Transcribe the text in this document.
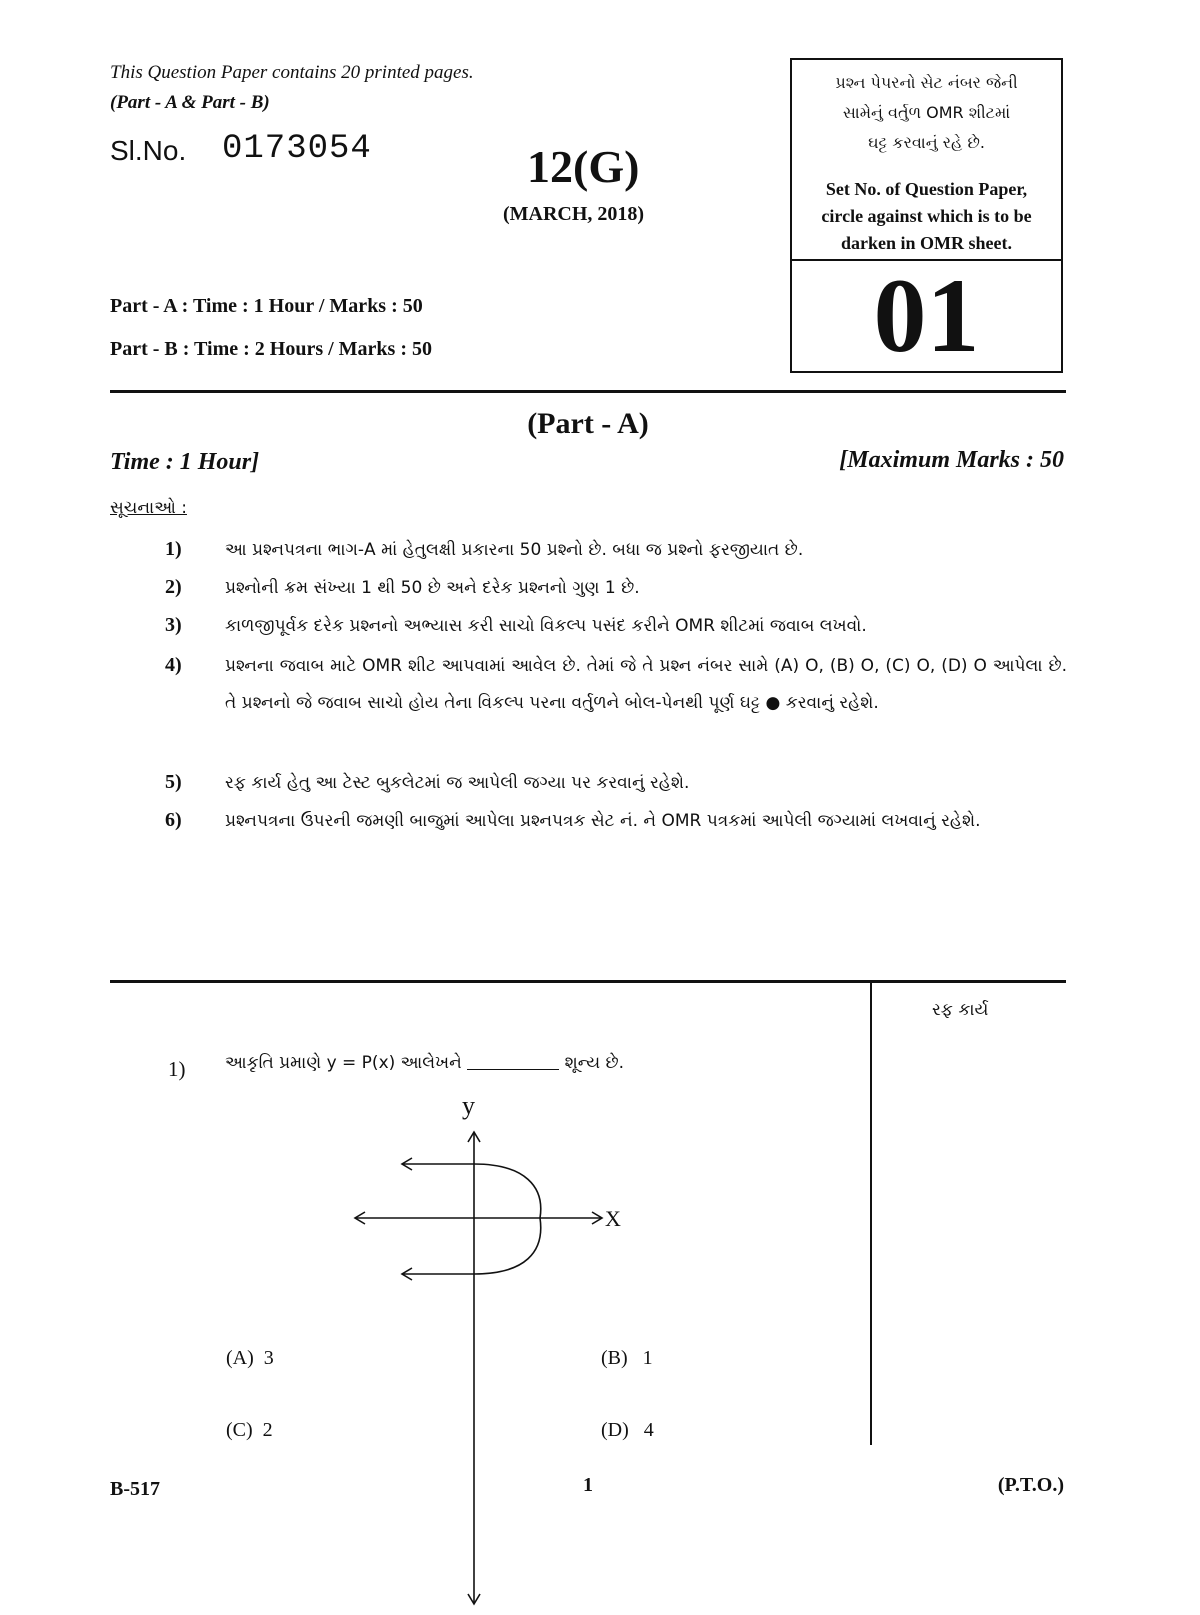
This Question Paper contains 20 printed pages.
(Part - A & Part - B)
Sl.No. 0173054	12(G)
(MARCH, 2018)
પ્રશ્ન પેપરનો સેટ નંબર જેની
સામેનું વર્તુળ OMR શીટમાં
ઘટ્ટ કરવાનું રહે છે.
Set No. of Question Paper,
circle against which is to be
darken in OMR sheet.
01
Part - A : Time : 1 Hour / Marks : 50
Part - B : Time : 2 Hours / Marks : 50
(Part - A)
Time : 1 Hour]	[Maximum Marks : 50
સૂચનાઓ :
1)	આ પ્રશ્નપત્રના ભાગ-A માં હેતુલક્ષી પ્રકારના 50 પ્રશ્નો છે. બધા જ પ્રશ્નો ફરજીયાત છે.
2)	પ્રશ્નોની ક્રમ સંખ્યા 1 થી 50 છે અને દરેક પ્રશ્નનો ગુણ 1 છે.
3)	કાળજીપૂર્વક દરેક પ્રશ્નનો અભ્યાસ કરી સાચો વિકલ્પ પસંદ કરીને OMR શીટમાં જવાબ લખવો.
4)	પ્રશ્નના જવાબ માટે OMR શીટ આપવામાં આવેલ છે. તેમાં જે તે પ્રશ્ન નંબર સામે (A) O, (B) O, (C) O, (D) O આપેલા છે. તે પ્રશ્નનો જે જવાબ સાચો હોય તેના વિકલ્પ પરના વર્તુળને બોલ-પેનથી પૂર્ણ ઘટ્ટ ● કરવાનું રહેશે.
5)	રફ કાર્ય હેતુ આ ટેસ્ટ બુકલેટમાં જ આપેલી જગ્યા પર કરવાનું રહેશે.
6)	પ્રશ્નપત્રના ઉપરની જમણી બાજુમાં આપેલા પ્રશ્નપત્રક સેટ નં. ને OMR પત્રકમાં આપેલી જગ્યામાં લખવાનું રહેશે.
રફ કાર્ય
1) આકૃતિ પ્રમાણે y = P(x) આલેખને	શૂન્ય છે.
(A) 3	(B) 1
(C) 2	(D) 4
B-517	1	(P.T.O.)
y
X
